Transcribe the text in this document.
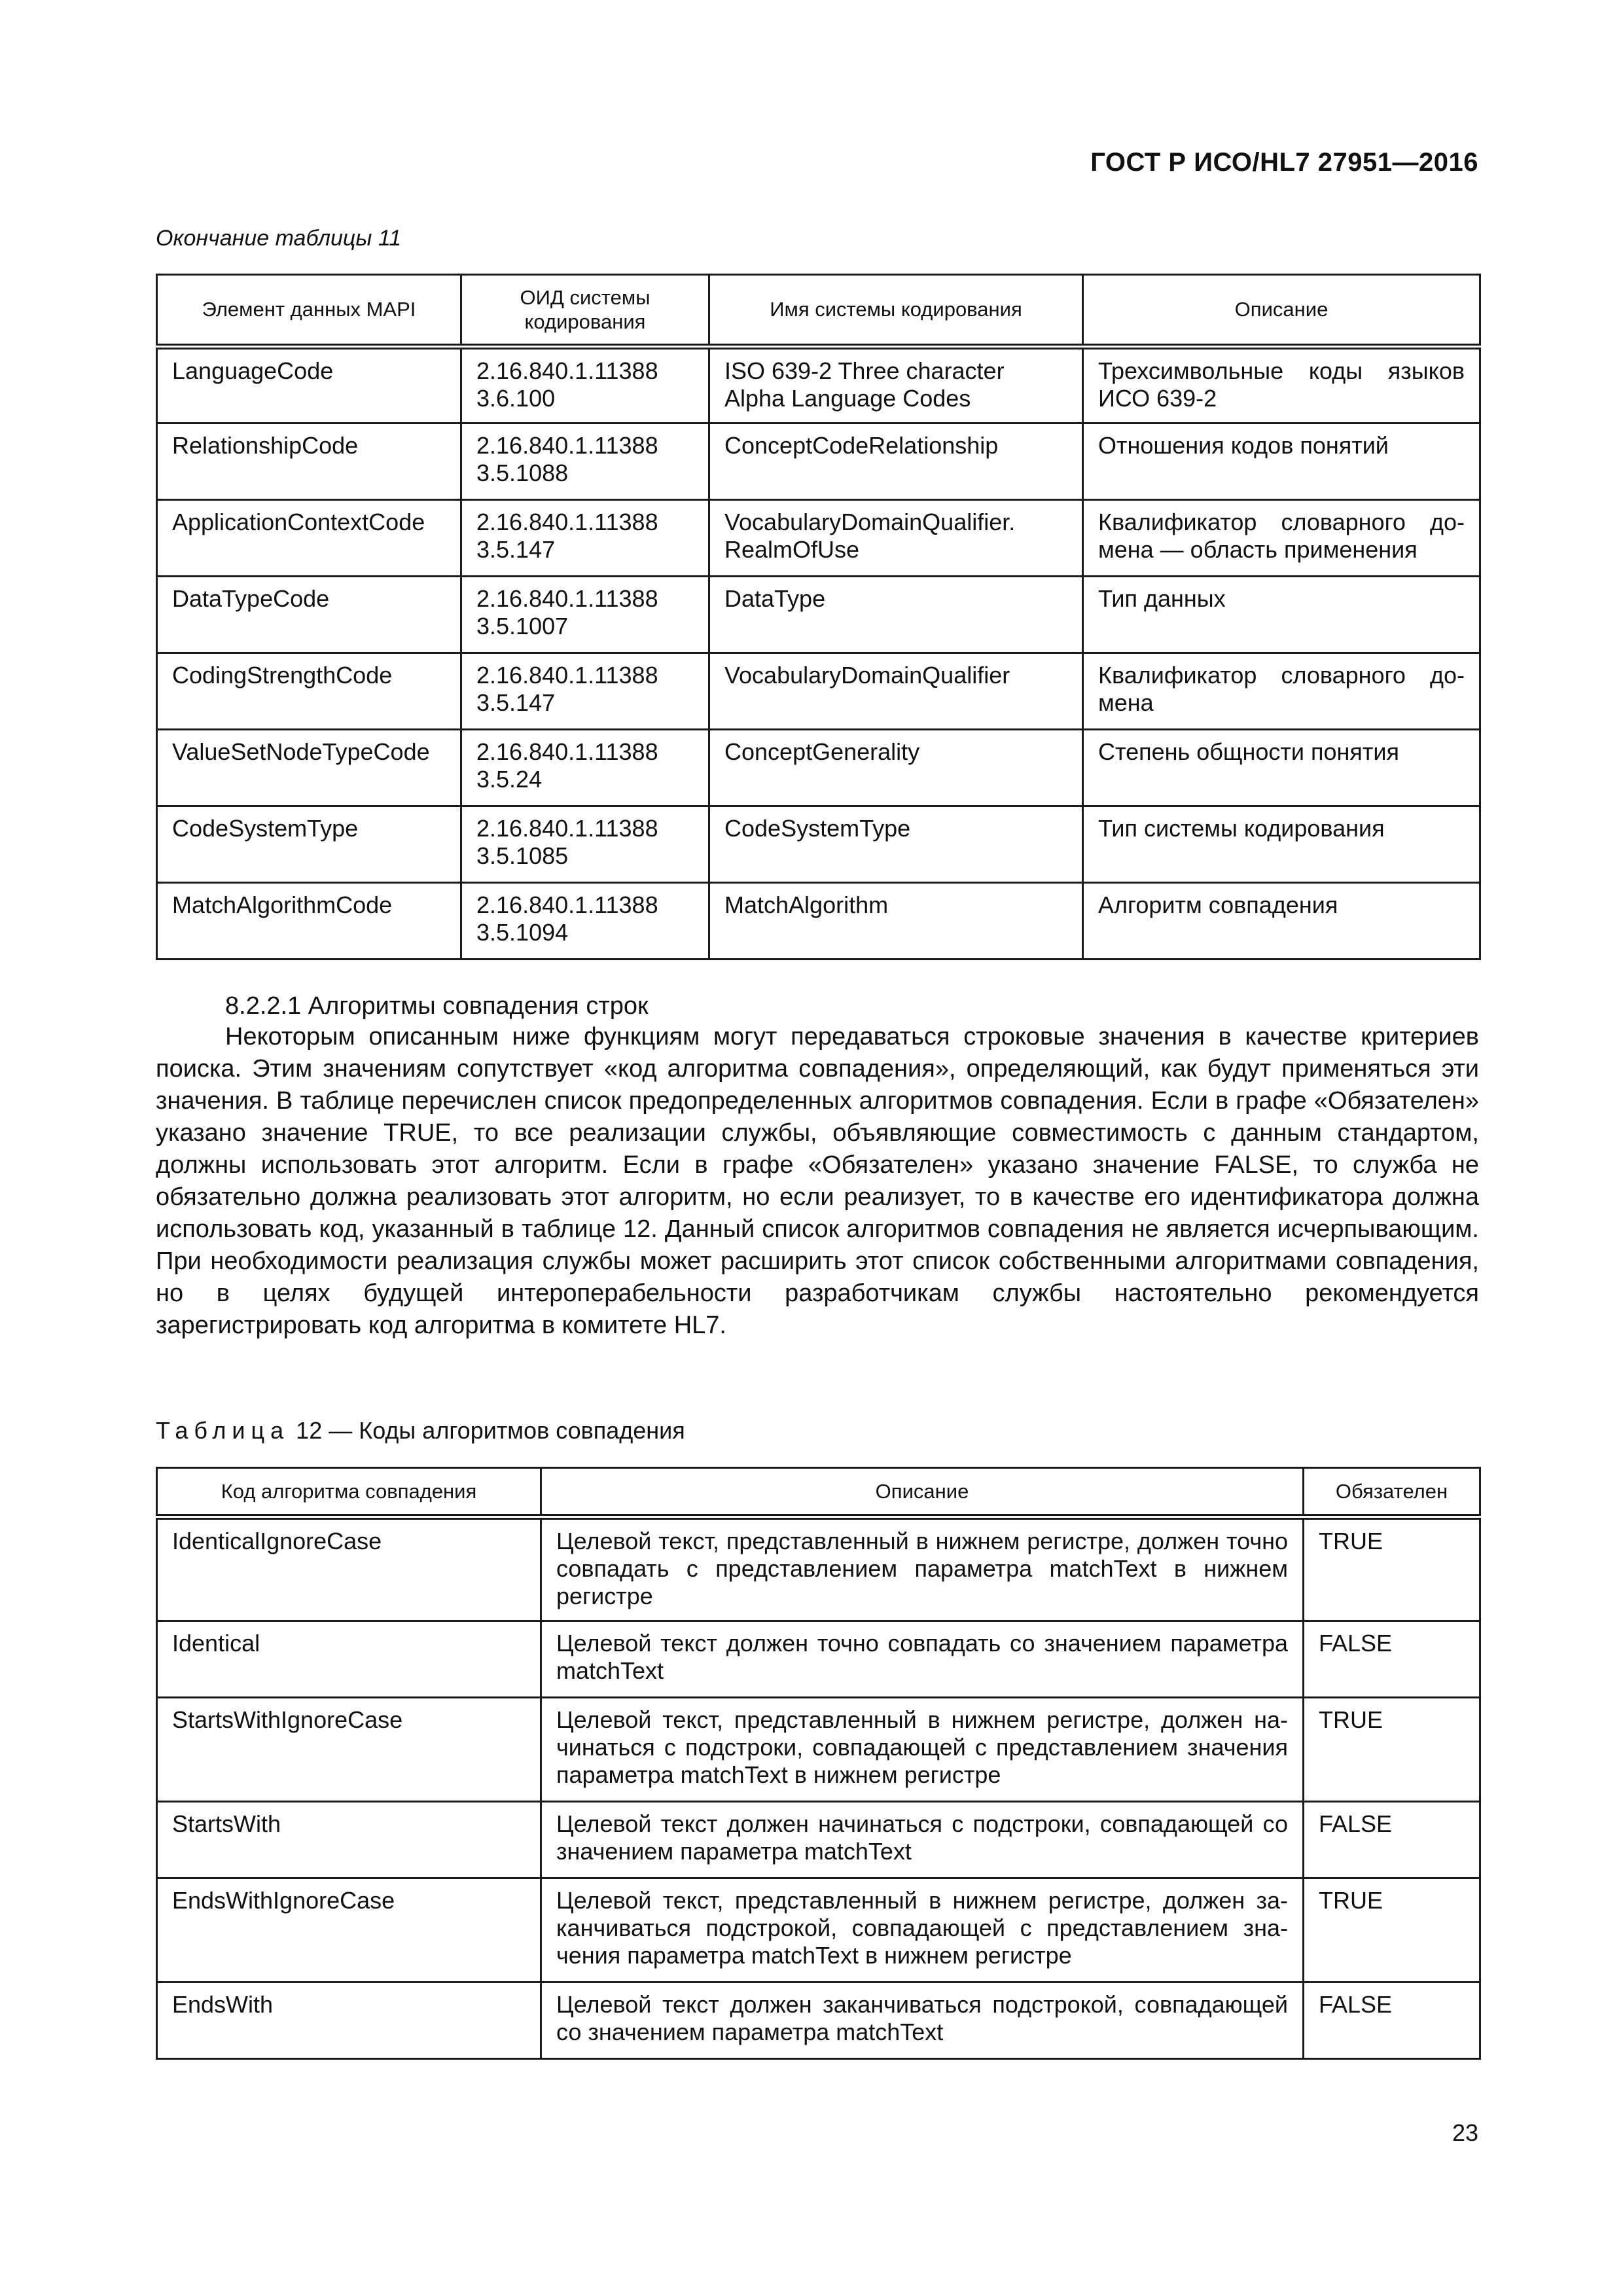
ГОСТ Р ИСО/HL7 27951—2016
Окончание таблицы 11
Элемент данных MAPI	ОИД системы кодирования	Имя системы кодирования	Описание
LanguageCode	2.16.840.1.11388 3.6.100	ISO 639-2 Three character Alpha Language Codes	Трехсимвольные коды языков ИСО 639-2
RelationshipCode	2.16.840.1.11388 3.5.1088	ConceptCodeRelationship	Отношения кодов понятий
ApplicationContextCode	2.16.840.1.11388 3.5.147	VocabularyDomainQualifier. RealmOfUse	Квалификатор словарного домена — область применения
DataTypeCode	2.16.840.1.11388 3.5.1007	DataType	Тип данных
CodingStrengthCode	2.16.840.1.11388 3.5.147	VocabularyDomainQualifier	Квалификатор словарного домена
ValueSetNodeTypeCode	2.16.840.1.11388 3.5.24	ConceptGenerality	Степень общности понятия
CodeSystemType	2.16.840.1.11388 3.5.1085	CodeSystemType	Тип системы кодирования
MatchAlgorithmCode	2.16.840.1.11388 3.5.1094	MatchAlgorithm	Алгоритм совпадения
8.2.2.1 Алгоритмы совпадения строк

Некоторым описанным ниже функциям могут передаваться строковые значения в качестве критериев поиска. Этим значениям сопутствует «код алгоритма совпадения», определяющий, как будут применяться эти значения. В таблице перечислен список предопределенных алгоритмов совпадения. Если в графе «Обязателен» указано значение TRUE, то все реализации службы, объявляющие совместимость с данным стандартом, должны использовать этот алгоритм. Если в графе «Обязателен» указано значение FALSE, то служба не обязательно должна реализовать этот алгоритм, но если реализует, то в качестве его идентификатора должна использовать код, указанный в таблице 12. Данный список алгоритмов совпадения не является исчерпывающим. При необходимости реализация службы может расширить этот список собственными алгоритмами совпадения, но в целях будущей интероперабельности разработчикам службы настоятельно рекомендуется зарегистрировать код алгоритма в комитете HL7.

Таблица 12 — Коды алгоритмов совпадения
Код алгоритма совпадения	Описание	Обязателен
IdenticalIgnoreCase	Целевой текст, представленный в нижнем регистре, должен точно совпадать с представлением параметра matchText в нижнем регистре	TRUE
Identical	Целевой текст должен точно совпадать со значением параметра matchText	FALSE
StartsWithIgnoreCase	Целевой текст, представленный в нижнем регистре, должен начинаться с подстроки, совпадающей с представлением значения параметра matchText в нижнем регистре	TRUE
StartsWith	Целевой текст должен начинаться с подстроки, совпадающей со значением параметра matchText	FALSE
EndsWithIgnoreCase	Целевой текст, представленный в нижнем регистре, должен заканчиваться подстрокой, совпадающей с представлением значения параметра matchText в нижнем регистре	TRUE
EndsWith	Целевой текст должен заканчиваться подстрокой, совпадающей со значением параметра matchText	FALSE
23
